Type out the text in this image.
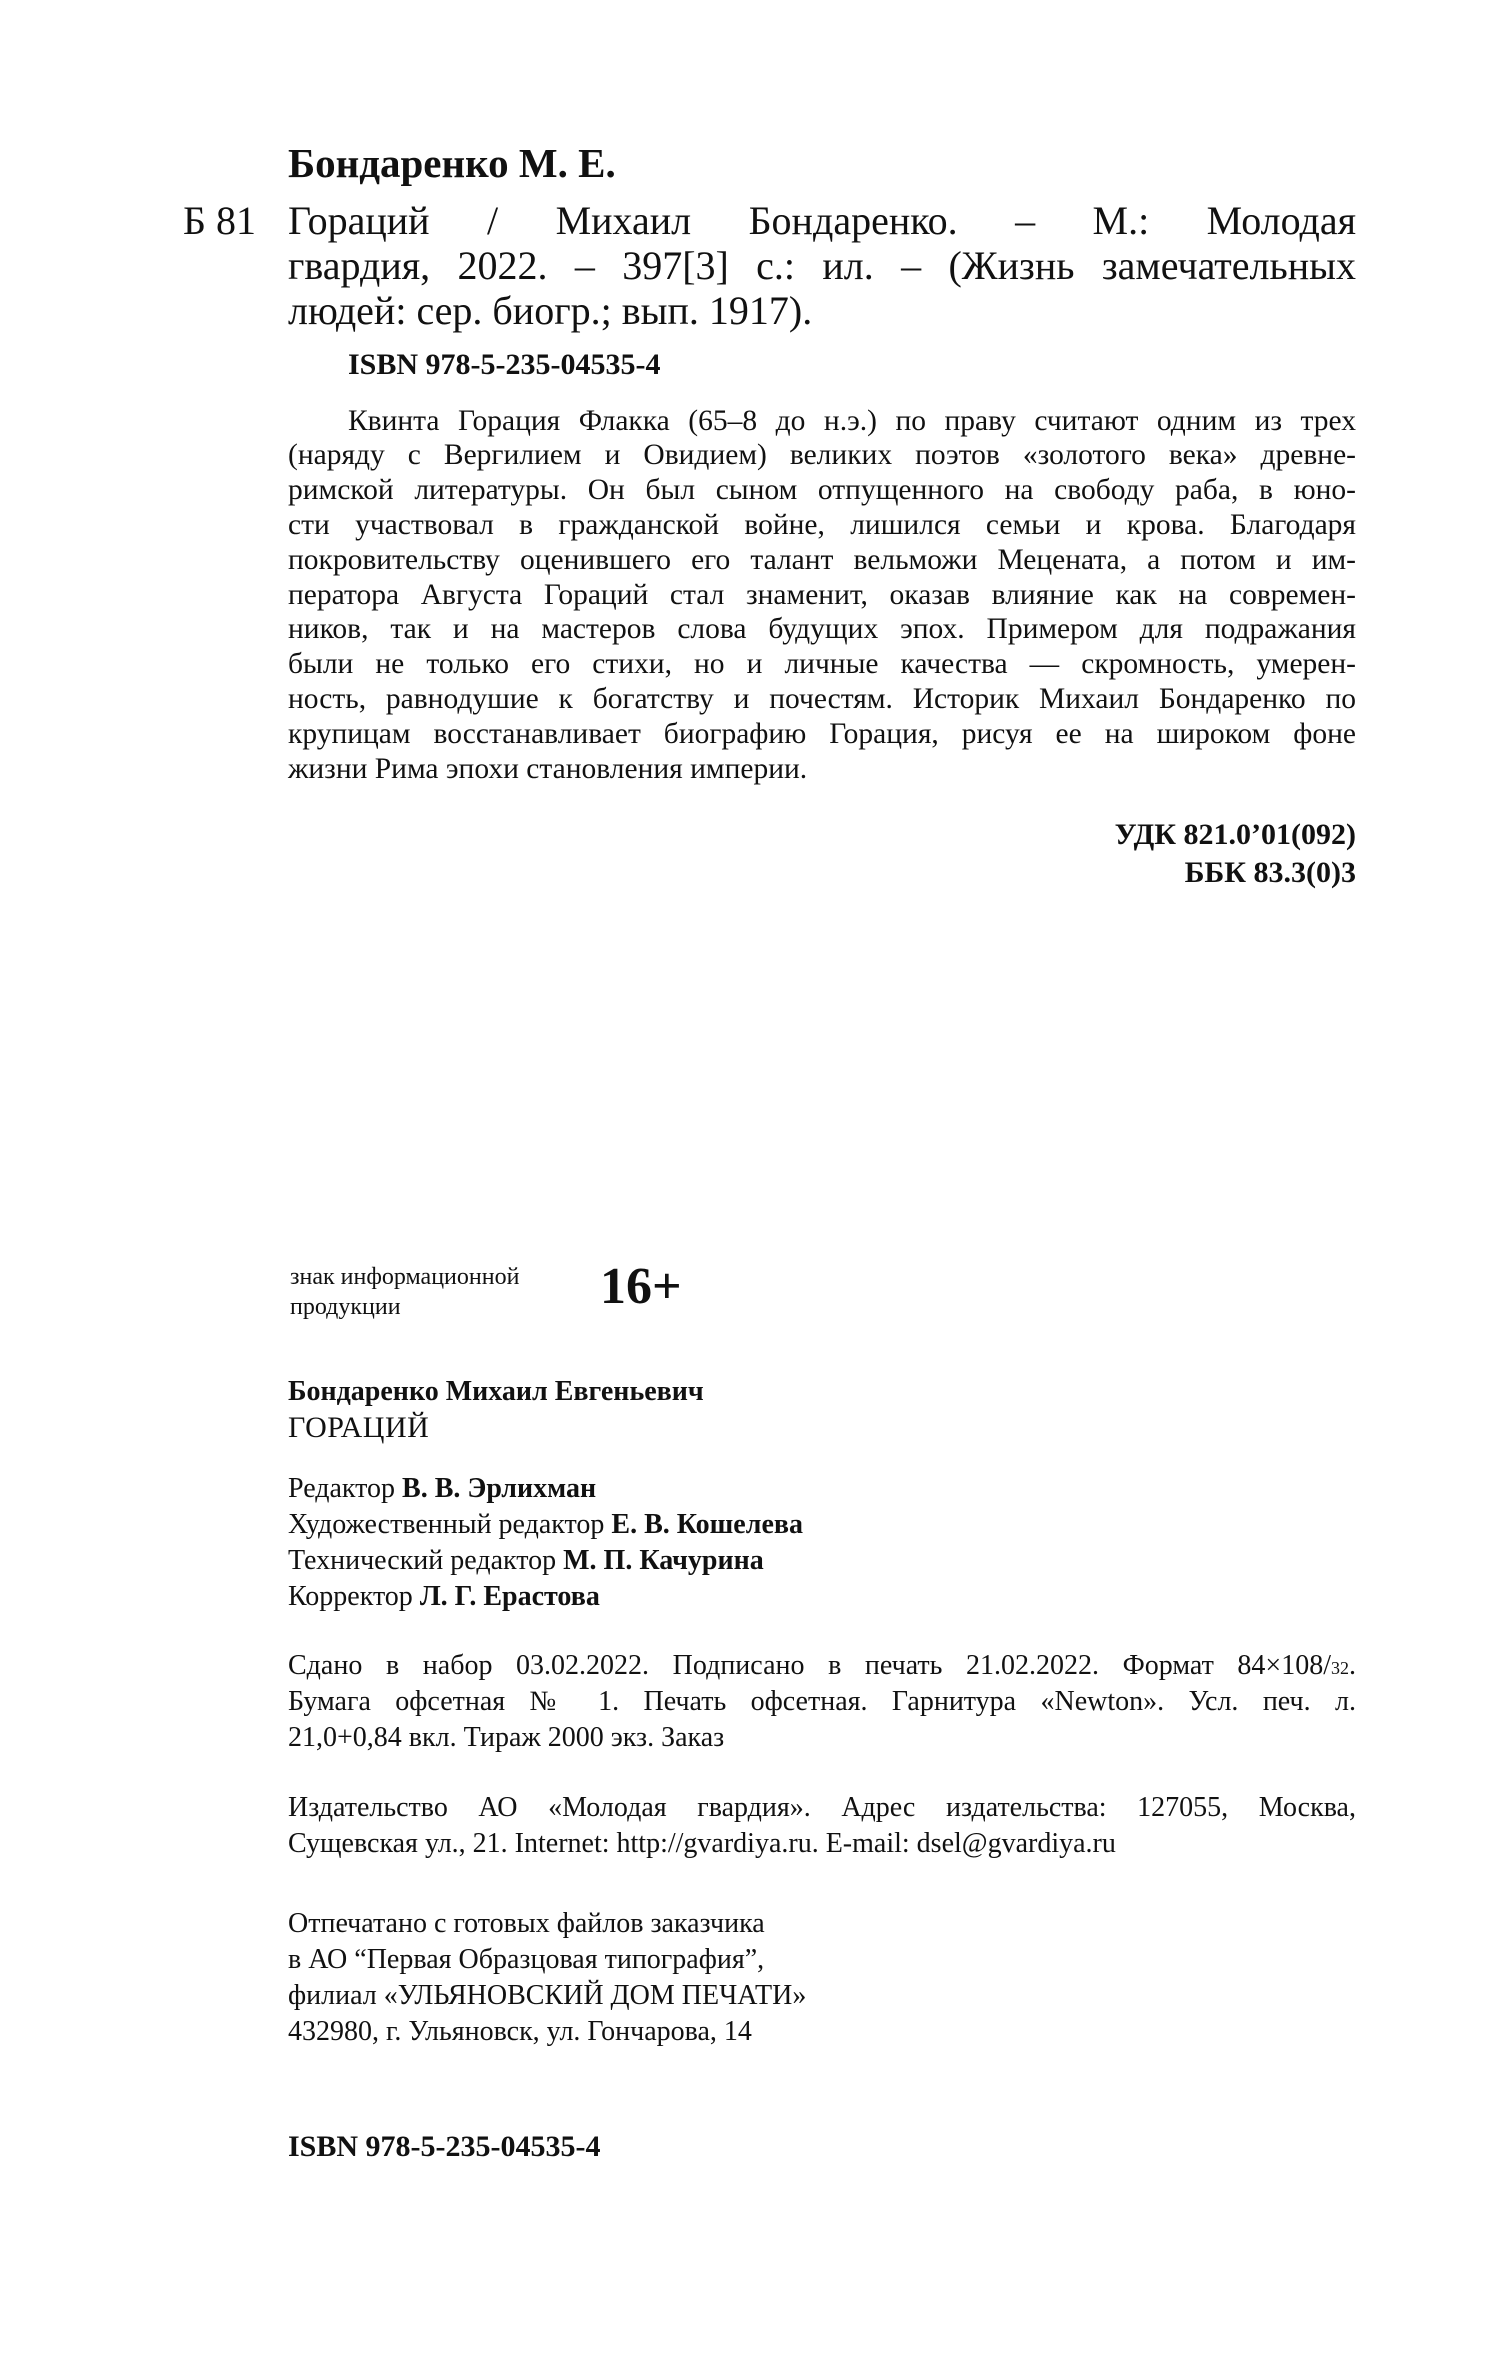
Бондаренко М. Е.
Б 81 Гораций / Михаил Бондаренко. – М.: Молодая
гвардия, 2022. – 397[3] с.: ил. – (Жизнь замечательных
людей: сер. биогр.; вып. 1917).
ISBN 978-5-235-04535-4
Квинта Горация Флакка (65–8 до н.э.) по праву считают одним из трех
(наряду с Вергилием и Овидием) великих поэтов «золотого века» древне-
римской литературы. Он был сыном отпущенного на свободу раба, в юно-
сти участвовал в гражданской войне, лишился семьи и крова. Благодаря
покровительству оценившего его талант вельможи Мецената, а потом и им-
ператора Августа Гораций стал знаменит, оказав влияние как на современ-
ников, так и на мастеров слова будущих эпох. Примером для подражания
были не только его стихи, но и личные качества — скромность, умерен-
ность, равнодушие к богатству и почестям. Историк Михаил Бондаренко по
крупицам восстанавливает биографию Горация, рисуя ее на широком фоне
жизни Рима эпохи становления империи.
УДК 821.0’01(092)
ББК 83.3(0)3
знак информационной
продукции	16+
Бондаренко Михаил Евгеньевич
ГОРАЦИЙ
Редактор В. В. Эрлихман
Художественный редактор Е. В. Кошелева
Технический редактор М. П. Качурина
Корректор Л. Г. Ерастова
Сдано в набор 03.02.2022. Подписано в печать 21.02.2022. Формат 84×108/32.
Бумага офсетная № 1. Печать офсетная. Гарнитура «Newton». Усл. печ. л.
21,0+0,84 вкл. Тираж 2000 экз. Заказ
Издательство АО «Молодая гвардия». Адрес издательства: 127055, Москва,
Сущевская ул., 21. Internet: http://gvardiya.ru. E-mail: dsel@gvardiya.ru
Отпечатано с готовых файлов заказчика
в АО “Первая Образцовая типография”,
филиал «УЛЬЯНОВСКИЙ ДОМ ПЕЧАТИ»
432980, г. Ульяновск, ул. Гончарова, 14
ISBN 978-5-235-04535-4
